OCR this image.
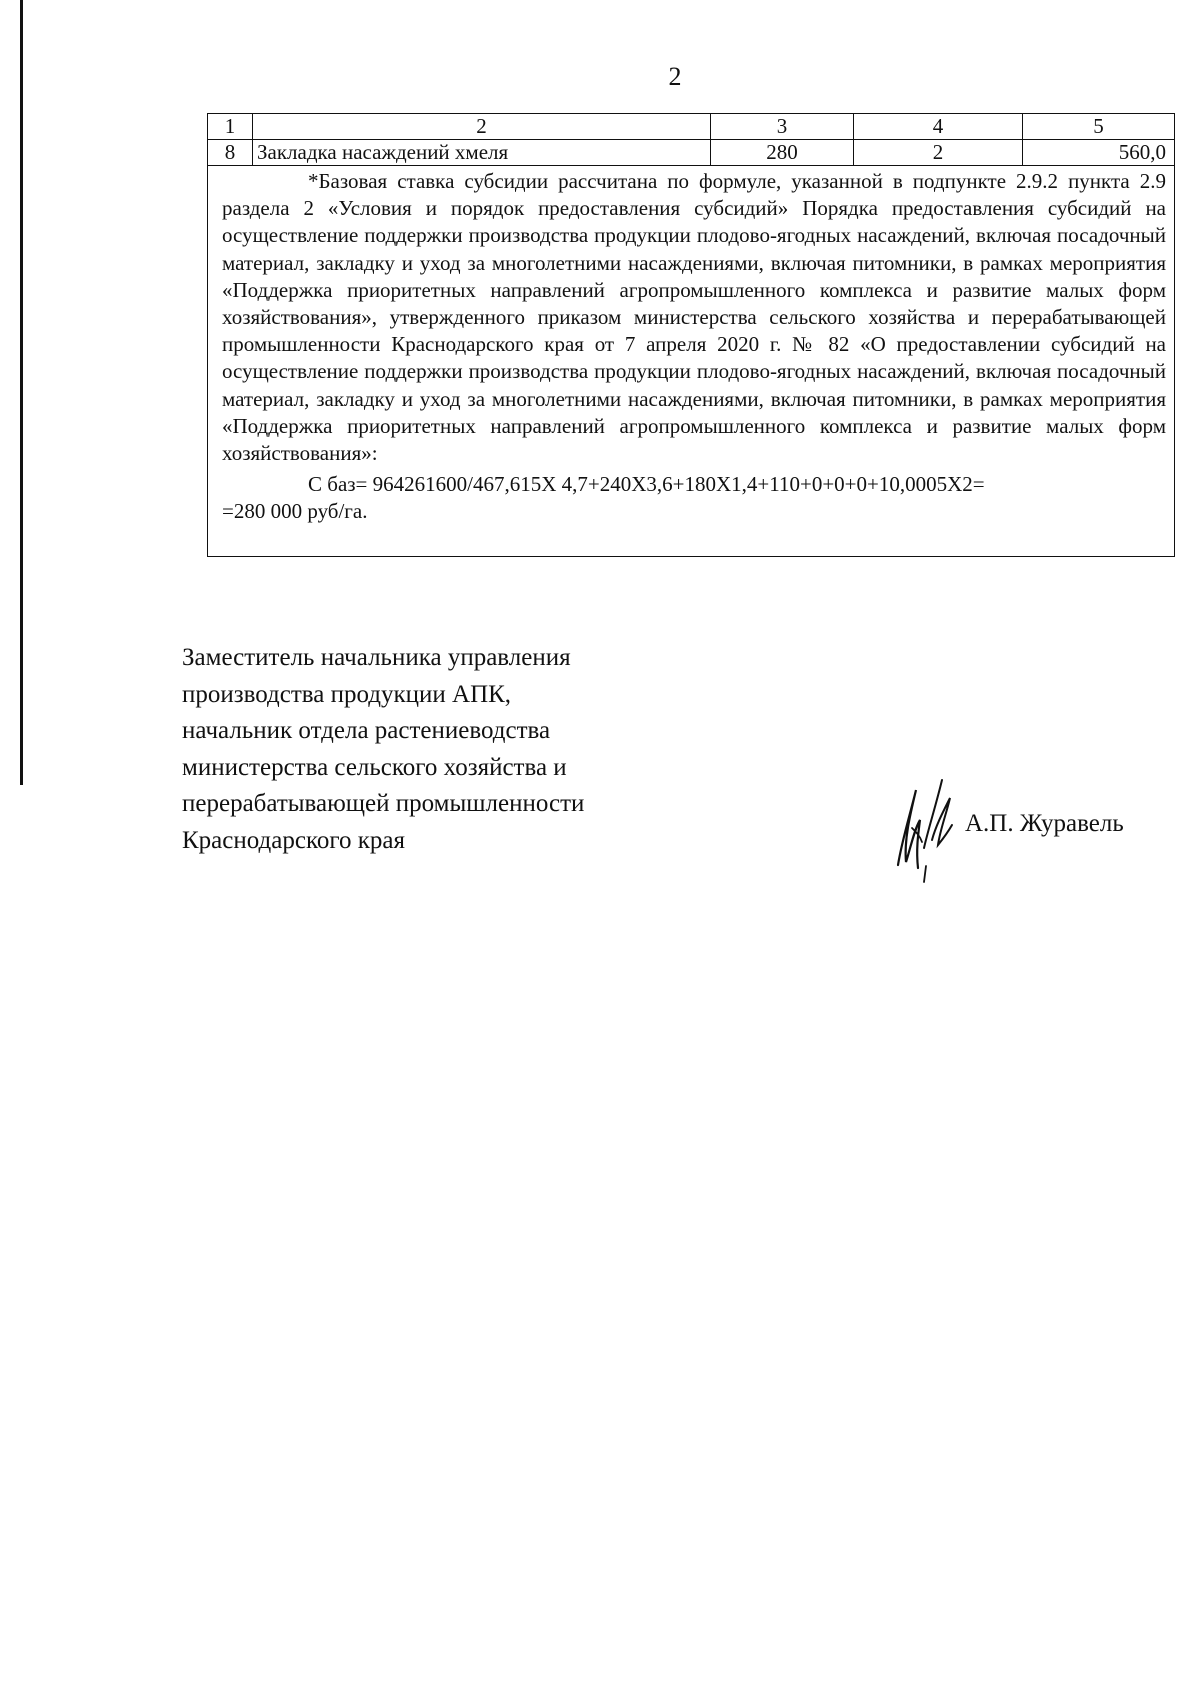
2
1	2	3	4	5
8	Закладка насаждений хмеля	280	2	560,0

*Базовая ставка субсидии рассчитана по формуле, указанной в подпункте 2.9.2 пункта 2.9 раздела 2 «Условия и порядок предоставления субсидий» Порядка предоставления субсидий на осуществление поддержки производства продукции плодово-ягодных насаждений, включая посадочный материал, закладку и уход за многолетними насаждениями, включая питомники, в рамках мероприятия «Поддержка приоритетных направлений агропромышленного комплекса и развитие малых форм хозяйствования», утвержденного приказом министерства сельского хозяйства и перерабатывающей промышленности Краснодарского края от 7 апреля 2020 г. № 82 «О предоставлении субсидий на осуществление поддержки производства продукции плодово-ягодных насаждений, включая посадочный материал, закладку и уход за многолетними насаждениями, включая питомники, в рамках мероприятия «Поддержка приоритетных направлений агропромышленного комплекса и развитие малых форм хозяйствования»:

С баз= 964261600/467,615Х 4,7+240Х3,6+180Х1,4+110+0+0+0+10,0005Х2=

=280 000 руб/га.				

Заместитель начальника управления
производства продукции АПК,
начальник отдела растениеводства
министерства сельского хозяйства и
перерабатывающей промышленности
Краснодарского края
А.П. Журавель
